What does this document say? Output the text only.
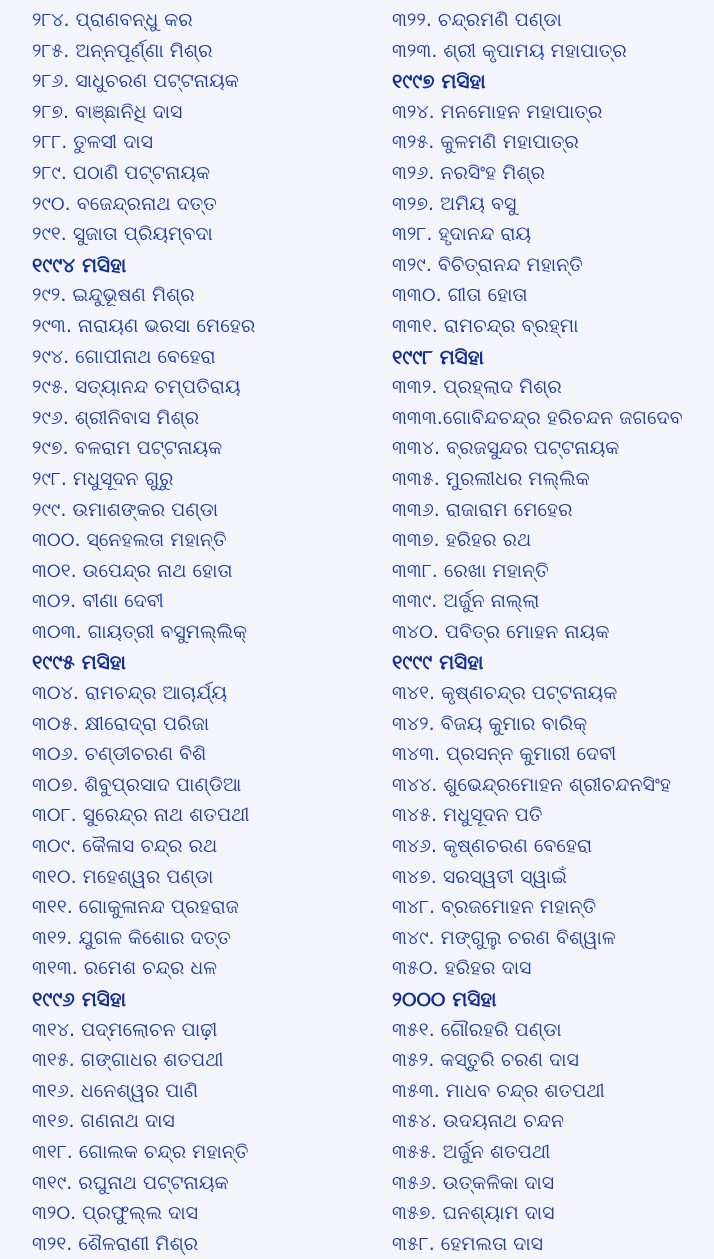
୨୮୪. ପ୍ରାଣବନ୍ଧୁ କର
୨୮୫. ଅନ୍ନପୂର୍ଣ୍ଣା ମିଶ୍ର
୨୮୬. ସାଧୁଚରଣ ପଟ୍ଟନାୟକ
୨୮୭. ବାଞ୍ଛାନିଧି ଦାସ
୨୮୮. ତୁଳସୀ ଦାସ
୨୮୯. ପଠାଣି ପଟ୍ଟନାୟକ
୨୯୦. ବଜେନ୍ଦ୍ରନାଥ ଦତ୍ତ
୨୯୧. ସୁଜାତା ପ୍ରିୟମ୍ବଦା
୧୯୯୪ ମସିହା
୨୯୨. ଇନ୍ଦୁଭୂଷଣ ମିଶ୍ର
୨୯୩. ନାରାୟଣ ଭରସା ମେହେର
୨୯୪. ଗୋପୀନାଥ ବେହେରା
୨୯୫. ସତ୍ୟାନନ୍ଦ ଚମ୍ପତିରାୟ
୨୯୬. ଶ୍ରୀନିବାସ ମିଶ୍ର
୨୯୭. ବଳରାମ ପଟ୍ଟନାୟକ
୨୯୮. ମଧୁସୂଦନ ଗୁରୁ
୨୯୯. ଉମାଶଙ୍କର ପଣ୍ଡା
୩୦୦. ସ୍ନେହଲତା ମହାନ୍ତି
୩୦୧. ଉପେନ୍ଦ୍ର ନାଥ ହୋତା
୩୦୨. ବୀଣା ଦେବୀ
୩୦୩. ଗାୟତ୍ରୀ ବସୁମଲ୍ଲିକ୍
୧୯୯୫ ମସିହା
୩୦୪. ରାମଚନ୍ଦ୍ର ଆଚାର୍ଯ୍ୟ
୩୦୫. କ୍ଷୀରୋଦ୍ରା ପରିଜା
୩୦୬. ଚଣ୍ଡୀଚରଣ ବିଶି
୩୦୭. ଶିବୁପ୍ରସାଦ ପାଣ୍ଡିଆ
୩୦୮. ସୁରେନ୍ଦ୍ର ନାଥ ଶତପଥୀ
୩୦୯. କୈଳାସ ଚନ୍ଦ୍ର ରଥ
୩୧୦. ମହେଶ୍ୱର ପଣ୍ଡା
୩୧୧. ଗୋକୁଳାନନ୍ଦ ପ୍ରହରାଜ
୩୧୨. ଯୁଗଳ କିଶୋର ଦତ୍ତ
୩୧୩. ରମେଶ ଚନ୍ଦ୍ର ଧଳ
୧୯୯୬ ମସିହା
୩୧୪. ପଦ୍ମଲୋଚନ ପାଢ଼ୀ
୩୧୫. ଗଙ୍ଗାଧର ଶତପଥୀ
୩୧୬. ଧନେଶ୍ୱର ପାଣି
୩୧୭. ଗଣନାଥ ଦାସ
୩୧୮. ଗୋଲକ ଚନ୍ଦ୍ର ମହାନ୍ତି
୩୧୯. ରଘୁନାଥ ପଟ୍ଟନାୟକ
୩୨୦. ପ୍ରଫୁଲ୍ଲ ଦାସ
୩୨୧. ଶୈଳରାଣୀ ମିଶ୍ର
୩୨୨. ଚନ୍ଦ୍ରମଣି ପଣ୍ଡା
୩୨୩. ଶ୍ରୀ କୃପାମୟ ମହାପାତ୍ର
୧୯୯୭ ମସିହା
୩୨୪. ମନମୋହନ ମହାପାତ୍ର
୩୨୫. କୁଳମଣି ମହାପାତ୍ର
୩୨୬. ନରସିଂହ ମିଶ୍ର
୩୨୭. ଅମିୟ ବସୁ
୩୨୮. ହୃଦାନନ୍ଦ ରାୟ
୩୨୯. ବିଚିତ୍ରାନନ୍ଦ ମହାନ୍ତି
୩୩୦. ଗୀତା ହୋତା
୩୩୧. ରାମଚନ୍ଦ୍ର ବ୍ରହ୍ମା
୧୯୯୮ ମସିହା
୩୩୨. ପ୍ରହ୍ଲାଦ ମିଶ୍ର
୩୩୩.ଗୋବିନ୍ଦଚନ୍ଦ୍ର ହରିଚନ୍ଦନ ଜଗଦେବ
୩୩୪. ବ୍ରଜସୁନ୍ଦର ପଟ୍ଟନାୟକ
୩୩୫. ମୁରଲୀଧର ମଲ୍ଲିକ
୩୩୬. ରାଜାରାମ ମେହେର
୩୩୭. ହରିହର ରଥ
୩୩୮. ରେଖା ମହାନ୍ତି
୩୩୯. ଅର୍ଜୁନ ନାଲ୍ଲା
୩୪୦. ପବିତ୍ର ମୋହନ ନାୟକ
୧୯୯୯ ମସିହା
୩୪୧. କୃଷ୍ଣଚନ୍ଦ୍ର ପଟ୍ଟନାୟକ
୩୪୨. ବିଜୟ କୁମାର ବାରିକ୍
୩୪୩. ପ୍ରସନ୍ନ କୁମାରୀ ଦେବୀ
୩୪୪. ଶୁଭେନ୍ଦ୍ରମୋହନ ଶ୍ରୀଚନ୍ଦନସିଂହ
୩୪୫. ମଧୁସୂଦନ ପତି
୩୪୬. କୃଷ୍ଣଚରଣ ବେହେରା
୩୪୭. ସରସ୍ୱତୀ ସ୍ୱାଇଁ
୩୪୮. ବ୍ରଜମୋହନ ମହାନ୍ତି
୩୪୯. ମଙ୍ଗୁଲୁ ଚରଣ ବିଶ୍ୱାଳ
୩୫୦. ହରିହର ଦାସ
୨୦୦୦ ମସିହା
୩୫୧. ଗୌରହରି ପଣ୍ଡା
୩୫୨. କସ୍ତୁରି ଚରଣ ଦାସ
୩୫୩. ମାଧବ ଚନ୍ଦ୍ର ଶତପଥୀ
୩୫୪. ଉଦୟନାଥ ଚନ୍ଦନ
୩୫୫. ଅର୍ଜୁନ ଶତପଥୀ
୩୫୬. ଉତ୍କଳିକା ଦାସ
୩୫୭. ଘନଶ୍ୟାମ ଦାସ
୩୫୮. ହେମଲତା ଦାସ
